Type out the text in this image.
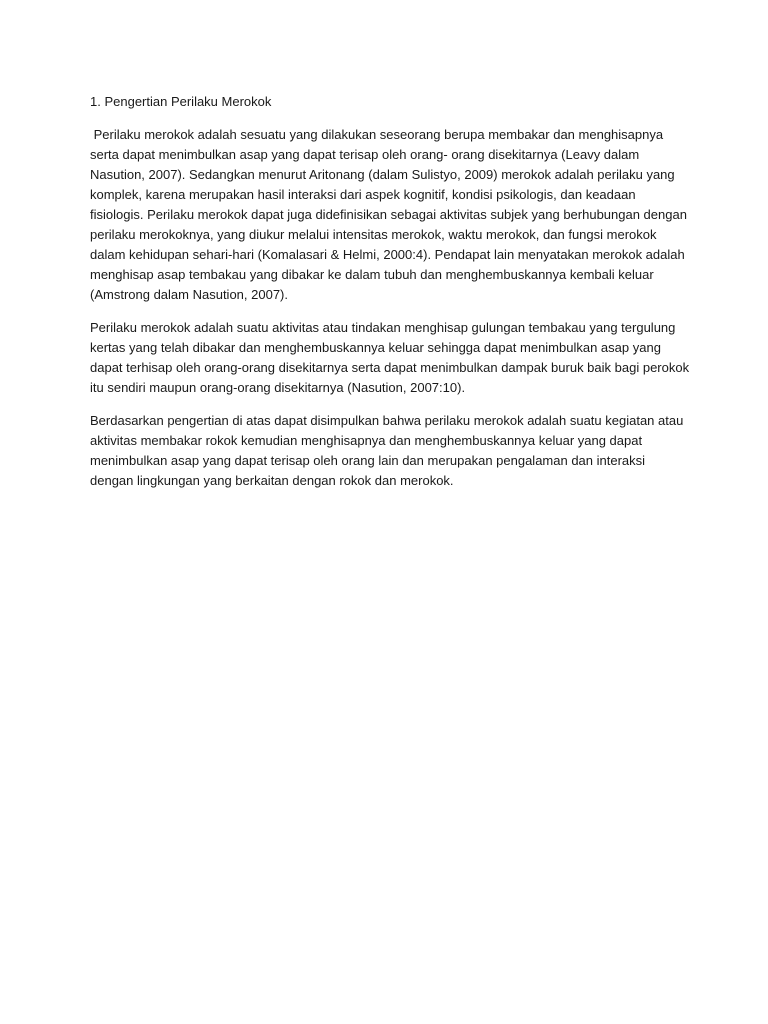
1. Pengertian Perilaku Merokok

Perilaku merokok adalah sesuatu yang dilakukan seseorang berupa membakar dan menghisapnya serta dapat menimbulkan asap yang dapat terisap oleh orang- orang disekitarnya (Leavy dalam Nasution, 2007). Sedangkan menurut Aritonang (dalam Sulistyo, 2009) merokok adalah perilaku yang komplek, karena merupakan hasil interaksi dari aspek kognitif, kondisi psikologis, dan keadaan fisiologis. Perilaku merokok dapat juga didefinisikan sebagai aktivitas subjek yang berhubungan dengan perilaku merokoknya, yang diukur melalui intensitas merokok, waktu merokok, dan fungsi merokok dalam kehidupan sehari-hari (Komalasari & Helmi, 2000:4). Pendapat lain menyatakan merokok adalah menghisap asap tembakau yang dibakar ke dalam tubuh dan menghembuskannya kembali keluar (Amstrong dalam Nasution, 2007).

Perilaku merokok adalah suatu aktivitas atau tindakan menghisap gulungan tembakau yang tergulung kertas yang telah dibakar dan menghembuskannya keluar sehingga dapat menimbulkan asap yang dapat terhisap oleh orang-orang disekitarnya serta dapat menimbulkan dampak buruk baik bagi perokok itu sendiri maupun orang-orang disekitarnya (Nasution, 2007:10).

Berdasarkan pengertian di atas dapat disimpulkan bahwa perilaku merokok adalah suatu kegiatan atau aktivitas membakar rokok kemudian menghisapnya dan menghembuskannya keluar yang dapat menimbulkan asap yang dapat terisap oleh orang lain dan merupakan pengalaman dan interaksi dengan lingkungan yang berkaitan dengan rokok dan merokok.
